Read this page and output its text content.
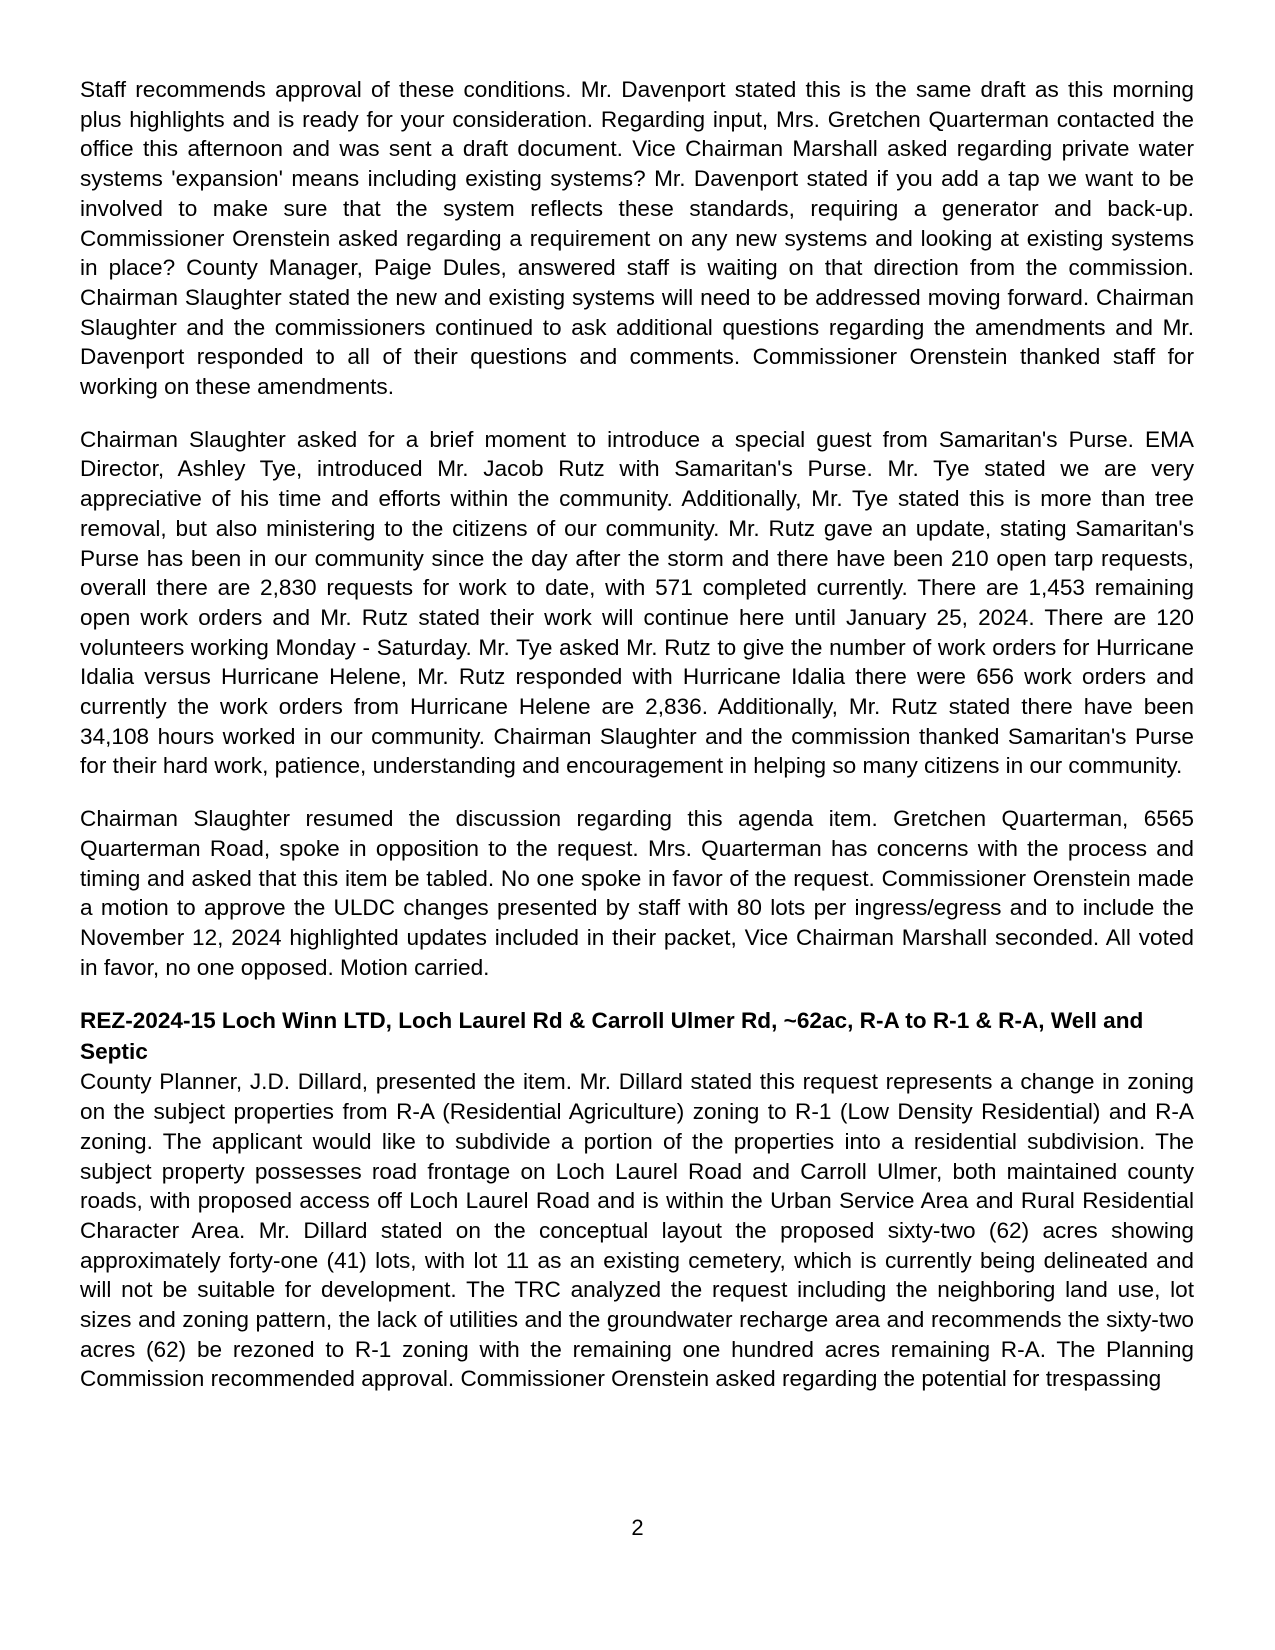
Staff recommends approval of these conditions. Mr. Davenport stated this is the same draft as this morning plus highlights and is ready for your consideration. Regarding input, Mrs. Gretchen Quarterman contacted the office this afternoon and was sent a draft document. Vice Chairman Marshall asked regarding private water systems 'expansion' means including existing systems? Mr. Davenport stated if you add a tap we want to be involved to make sure that the system reflects these standards, requiring a generator and back-up. Commissioner Orenstein asked regarding a requirement on any new systems and looking at existing systems in place? County Manager, Paige Dules, answered staff is waiting on that direction from the commission. Chairman Slaughter stated the new and existing systems will need to be addressed moving forward. Chairman Slaughter and the commissioners continued to ask additional questions regarding the amendments and Mr. Davenport responded to all of their questions and comments. Commissioner Orenstein thanked staff for working on these amendments.

Chairman Slaughter asked for a brief moment to introduce a special guest from Samaritan's Purse. EMA Director, Ashley Tye, introduced Mr. Jacob Rutz with Samaritan's Purse. Mr. Tye stated we are very appreciative of his time and efforts within the community. Additionally, Mr. Tye stated this is more than tree removal, but also ministering to the citizens of our community. Mr. Rutz gave an update, stating Samaritan's Purse has been in our community since the day after the storm and there have been 210 open tarp requests, overall there are 2,830 requests for work to date, with 571 completed currently. There are 1,453 remaining open work orders and Mr. Rutz stated their work will continue here until January 25, 2024. There are 120 volunteers working Monday - Saturday. Mr. Tye asked Mr. Rutz to give the number of work orders for Hurricane Idalia versus Hurricane Helene, Mr. Rutz responded with Hurricane Idalia there were 656 work orders and currently the work orders from Hurricane Helene are 2,836. Additionally, Mr. Rutz stated there have been 34,108 hours worked in our community. Chairman Slaughter and the commission thanked Samaritan's Purse for their hard work, patience, understanding and encouragement in helping so many citizens in our community.

Chairman Slaughter resumed the discussion regarding this agenda item. Gretchen Quarterman, 6565 Quarterman Road, spoke in opposition to the request. Mrs. Quarterman has concerns with the process and timing and asked that this item be tabled. No one spoke in favor of the request. Commissioner Orenstein made a motion to approve the ULDC changes presented by staff with 80 lots per ingress/egress and to include the November 12, 2024 highlighted updates included in their packet, Vice Chairman Marshall seconded. All voted in favor, no one opposed. Motion carried.

REZ-2024-15 Loch Winn LTD, Loch Laurel Rd & Carroll Ulmer Rd, ~62ac, R-A to R-1 & R-A, Well and Septic

County Planner, J.D. Dillard, presented the item. Mr. Dillard stated this request represents a change in zoning on the subject properties from R-A (Residential Agriculture) zoning to R-1 (Low Density Residential) and R-A zoning. The applicant would like to subdivide a portion of the properties into a residential subdivision. The subject property possesses road frontage on Loch Laurel Road and Carroll Ulmer, both maintained county roads, with proposed access off Loch Laurel Road and is within the Urban Service Area and Rural Residential Character Area. Mr. Dillard stated on the conceptual layout the proposed sixty-two (62) acres showing approximately forty-one (41) lots, with lot 11 as an existing cemetery, which is currently being delineated and will not be suitable for development. The TRC analyzed the request including the neighboring land use, lot sizes and zoning pattern, the lack of utilities and the groundwater recharge area and recommends the sixty-two acres (62) be rezoned to R-1 zoning with the remaining one hundred acres remaining R-A. The Planning Commission recommended approval. Commissioner Orenstein asked regarding the potential for trespassing

2
